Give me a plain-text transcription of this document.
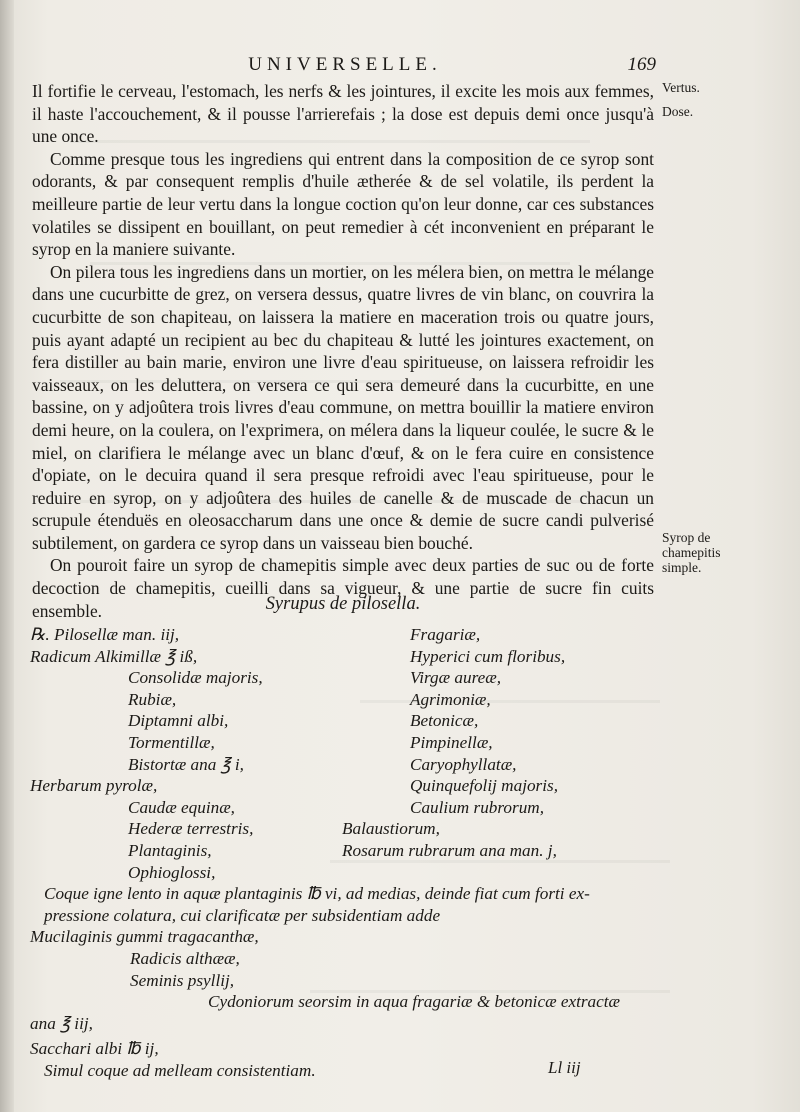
UNIVERSELLE.	169
Vertus.
Dose.
Syrop de
chamepitis
simple.

Il fortifie le cerveau, l'estomach, les nerfs & les jointures, il excite les mois aux femmes, il haste l'accouchement, & il pousse l'arrierefais ; la dose est depuis demi once jusqu'à une once.

Comme presque tous les ingrediens qui entrent dans la composition de ce syrop sont odorants, & par consequent remplis d'huile ætherée & de sel volatile, ils perdent la meilleure partie de leur vertu dans la longue coction qu'on leur donne, car ces substances volatiles se dissipent en bouillant, on peut remedier à cét inconvenient en préparant le syrop en la maniere suivante.

On pilera tous les ingrediens dans un mortier, on les mélera bien, on mettra le mélange dans une cucurbitte de grez, on versera dessus, quatre livres de vin blanc, on couvrira la cucurbitte de son chapiteau, on laissera la matiere en maceration trois ou quatre jours, puis ayant adapté un recipient au bec du chapiteau & lutté les jointures exactement, on fera distiller au bain marie, environ une livre d'eau spiritueuse, on laissera refroidir les vaisseaux, on les deluttera, on versera ce qui sera demeuré dans la cucurbitte, en une bassine, on y adjoûtera trois livres d'eau commune, on mettra bouillir la matiere environ demi heure, on la coulera, on l'exprimera, on mélera dans la liqueur coulée, le sucre & le miel, on clarifiera le mélange avec un blanc d'œuf, & on le fera cuire en consistence d'opiate, on le decuira quand il sera presque refroidi avec l'eau spiritueuse, pour le reduire en syrop, on y adjoûtera des huiles de canelle & de muscade de chacun un scrupule étenduës en oleosaccharum dans une once & demie de sucre candi pulverisé subtilement, on gardera ce syrop dans un vaisseau bien bouché.

On pouroit faire un syrop de chamepitis simple avec deux parties de suc ou de forte decoction de chamepitis, cueilli dans sa vigueur, & une partie de sucre fin cuits ensemble.	Syrupus de pilosella.
℞. Pilosellæ man. iij,	Fragariæ,
Radicum Alkimillæ ℥ iß,	Hyperici cum floribus,
Consolidæ majoris,	Virgæ aureæ,
Rubiæ,	Agrimoniæ,
Diptamni albi,	Betonicæ,
Tormentillæ,	Pimpinellæ,
Bistortæ ana ℥ i,	Caryophyllatæ,
Herbarum pyrolæ,	Quinquefolij majoris,
Caudæ equinæ,	Caulium rubrorum,
Hederæ terrestris,	Balaustiorum,
Plantaginis,	Rosarum rubrarum ana man. j,
Ophioglossi,
Coque igne lento in aquæ plantaginis ℔ vi, ad medias, deinde fiat cum forti ex-
pressione colatura, cui clarificatæ per subsidentiam adde
Mucilaginis gummi tragacanthæ,
Radicis althææ,
Seminis psyllij,
Cydoniorum seorsim in aqua fragariæ & betonicæ extractæ
ana ℥ iij,
Sacchari albi ℔ ij,
Simul coque ad melleam consistentiam.	Ll iij
